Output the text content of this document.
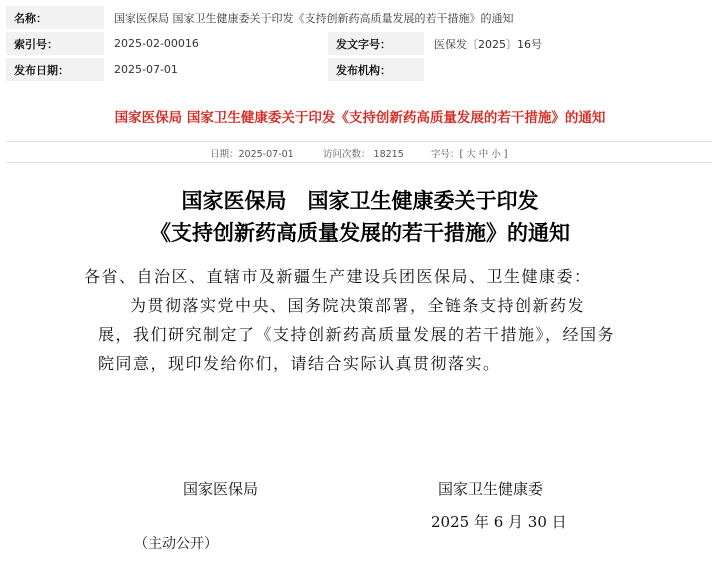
名称：	国家医保局 国家卫生健康委关于印发《支持创新药高质量发展的若干措施》的通知
索引号：	2025-02-00016	发文字号：	医保发〔2025〕16号
发布日期：	2025-07-01	发布机构：
国家医保局 国家卫生健康委关于印发《支持创新药高质量发展的若干措施》的通知
日期：2025-07-01	访问次数： 18215	字号：[ 大 中 小 ]
国家医保局　国家卫生健康委关于印发
《支持创新药高质量发展的若干措施》的通知
各省、自治区、直辖市及新疆生产建设兵团医保局、卫生健康委：
为贯彻落实党中央、国务院决策部署，全链条支持创新药发展，我们研究制定了《支持创新药高质量发展的若干措施》，经国务院同意，现印发给你们，请结合实际认真贯彻落实。
国家医保局	国家卫生健康委
2025 年 6 月 30 日
（主动公开）
